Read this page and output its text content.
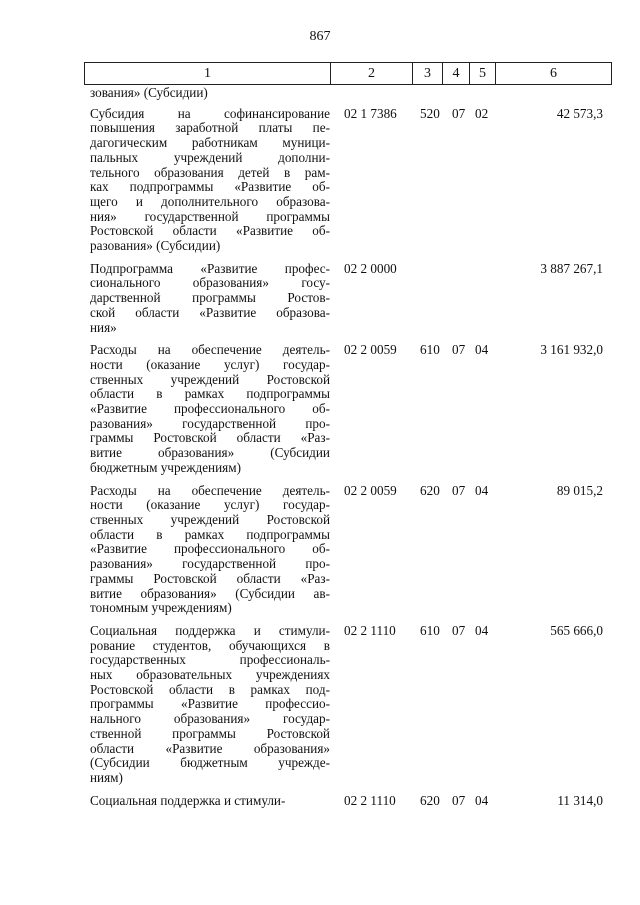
867
1	2	3	4	5	6
зования» (Субсидии)
Субсидия на софинансирование
повышения заработной платы пе-
дагогическим работникам муници-
пальных учреждений дополни-
тельного образования детей в рам-
ках подпрограммы «Развитие об-
щего и дополнительного образова-
ния» государственной программы
Ростовской области «Развитие об-
разования» (Субсидии)
02 1 7386	520 07 02	42 573,3
Подпрограмма «Развитие профес-
сионального образования» госу-
дарственной программы Ростов-
ской области «Развитие образова-
ния»
02 2 0000	3 887 267,1
Расходы на обеспечение деятель-
ности (оказание услуг) государ-
ственных учреждений Ростовской
области в рамках подпрограммы
«Развитие профессионального об-
разования» государственной про-
граммы Ростовской области «Раз-
витие образования» (Субсидии
бюджетным учреждениям)
02 2 0059	610 07 04	3 161 932,0
Расходы на обеспечение деятель-
ности (оказание услуг) государ-
ственных учреждений Ростовской
области в рамках подпрограммы
«Развитие профессионального об-
разования» государственной про-
граммы Ростовской области «Раз-
витие образования» (Субсидии ав-
тономным учреждениям)
02 2 0059	620 07 04	89 015,2
Социальная поддержка и стимули-
рование студентов, обучающихся в
государственных профессиональ-
ных образовательных учреждениях
Ростовской области в рамках под-
программы «Развитие профессио-
нального образования» государ-
ственной программы Ростовской
области «Развитие образования»
(Субсидии бюджетным учрежде-
ниям)
02 2 1110	610 07 04	565 666,0
Социальная поддержка и стимули-	02 2 1110	620 07 04	11 314,0
